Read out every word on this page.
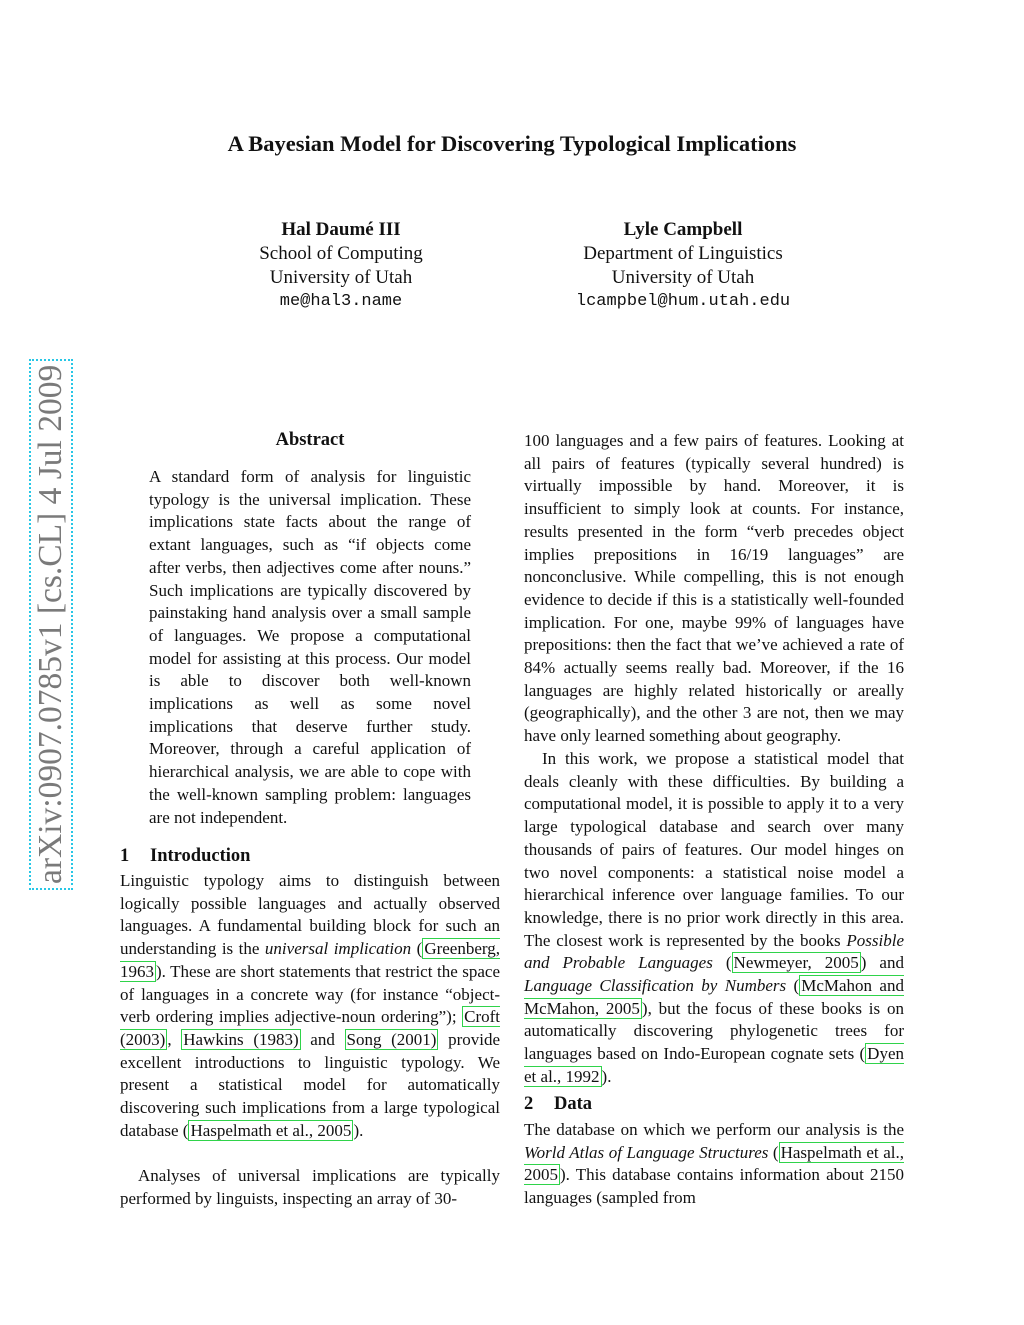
A Bayesian Model for Discovering Typological Implications
Hal Daumé III
School of Computing
University of Utah
me@hal3.name
Lyle Campbell
Department of Linguistics
University of Utah
lcampbel@hum.utah.edu
arXiv:0907.0785v1 [cs.CL] 4 Jul 2009	Abstract

A standard form of analysis for linguistic typology is the universal implication. These implications state facts about the range of extant languages, such as “if objects come after verbs, then adjectives come after nouns.” Such implications are typically discovered by painstaking hand analysis over a small sample of languages. We propose a computational model for assisting at this process. Our model is able to discover both well-known implications as well as some novel implications that deserve further study. Moreover, through a careful application of hierarchical analysis, we are able to cope with the well-known sampling problem: languages are not independent.

1 Introduction

Linguistic typology aims to distinguish between logically possible languages and actually observed languages. A fundamental building block for such an understanding is the universal implication ( Greenberg, 1963 ). These are short statements that restrict the space of languages in a concrete way (for instance “object-verb ordering implies adjective-noun ordering”); Croft (2003) , Hawkins (1983) and Song (2001) provide excellent introductions to linguistic typology. We present a statistical model for automatically discovering such implications from a large typological database ( Haspelmath et al., 2005 ).

Analyses of universal implications are typically performed by linguists, inspecting an array of 30-

100 languages and a few pairs of features. Looking at all pairs of features (typically several hundred) is virtually impossible by hand. Moreover, it is insufficient to simply look at counts. For instance, results presented in the form “verb precedes object implies prepositions in 16/19 languages” are nonconclusive. While compelling, this is not enough evidence to decide if this is a statistically well-founded implication. For one, maybe 99% of languages have prepositions: then the fact that we’ve achieved a rate of 84% actually seems really bad. Moreover, if the 16 languages are highly related historically or areally (geographically), and the other 3 are not, then we may have only learned something about geography.

In this work, we propose a statistical model that deals cleanly with these difficulties. By building a computational model, it is possible to apply it to a very large typological database and search over many thousands of pairs of features. Our model hinges on two novel components: a statistical noise model a hierarchical inference over language families. To our knowledge, there is no prior work directly in this area. The closest work is represented by the books Possible and Probable Languages ( Newmeyer, 2005 ) and Language Classification by Numbers ( McMahon and McMahon, 2005 ), but the focus of these books is on automatically discovering phylogenetic trees for languages based on Indo-European cognate sets ( Dyen et al., 1992 ).

2 Data

The database on which we perform our analysis is the World Atlas of Language Structures ( Haspelmath et al., 2005 ). This database contains information about 2150 languages (sampled from
